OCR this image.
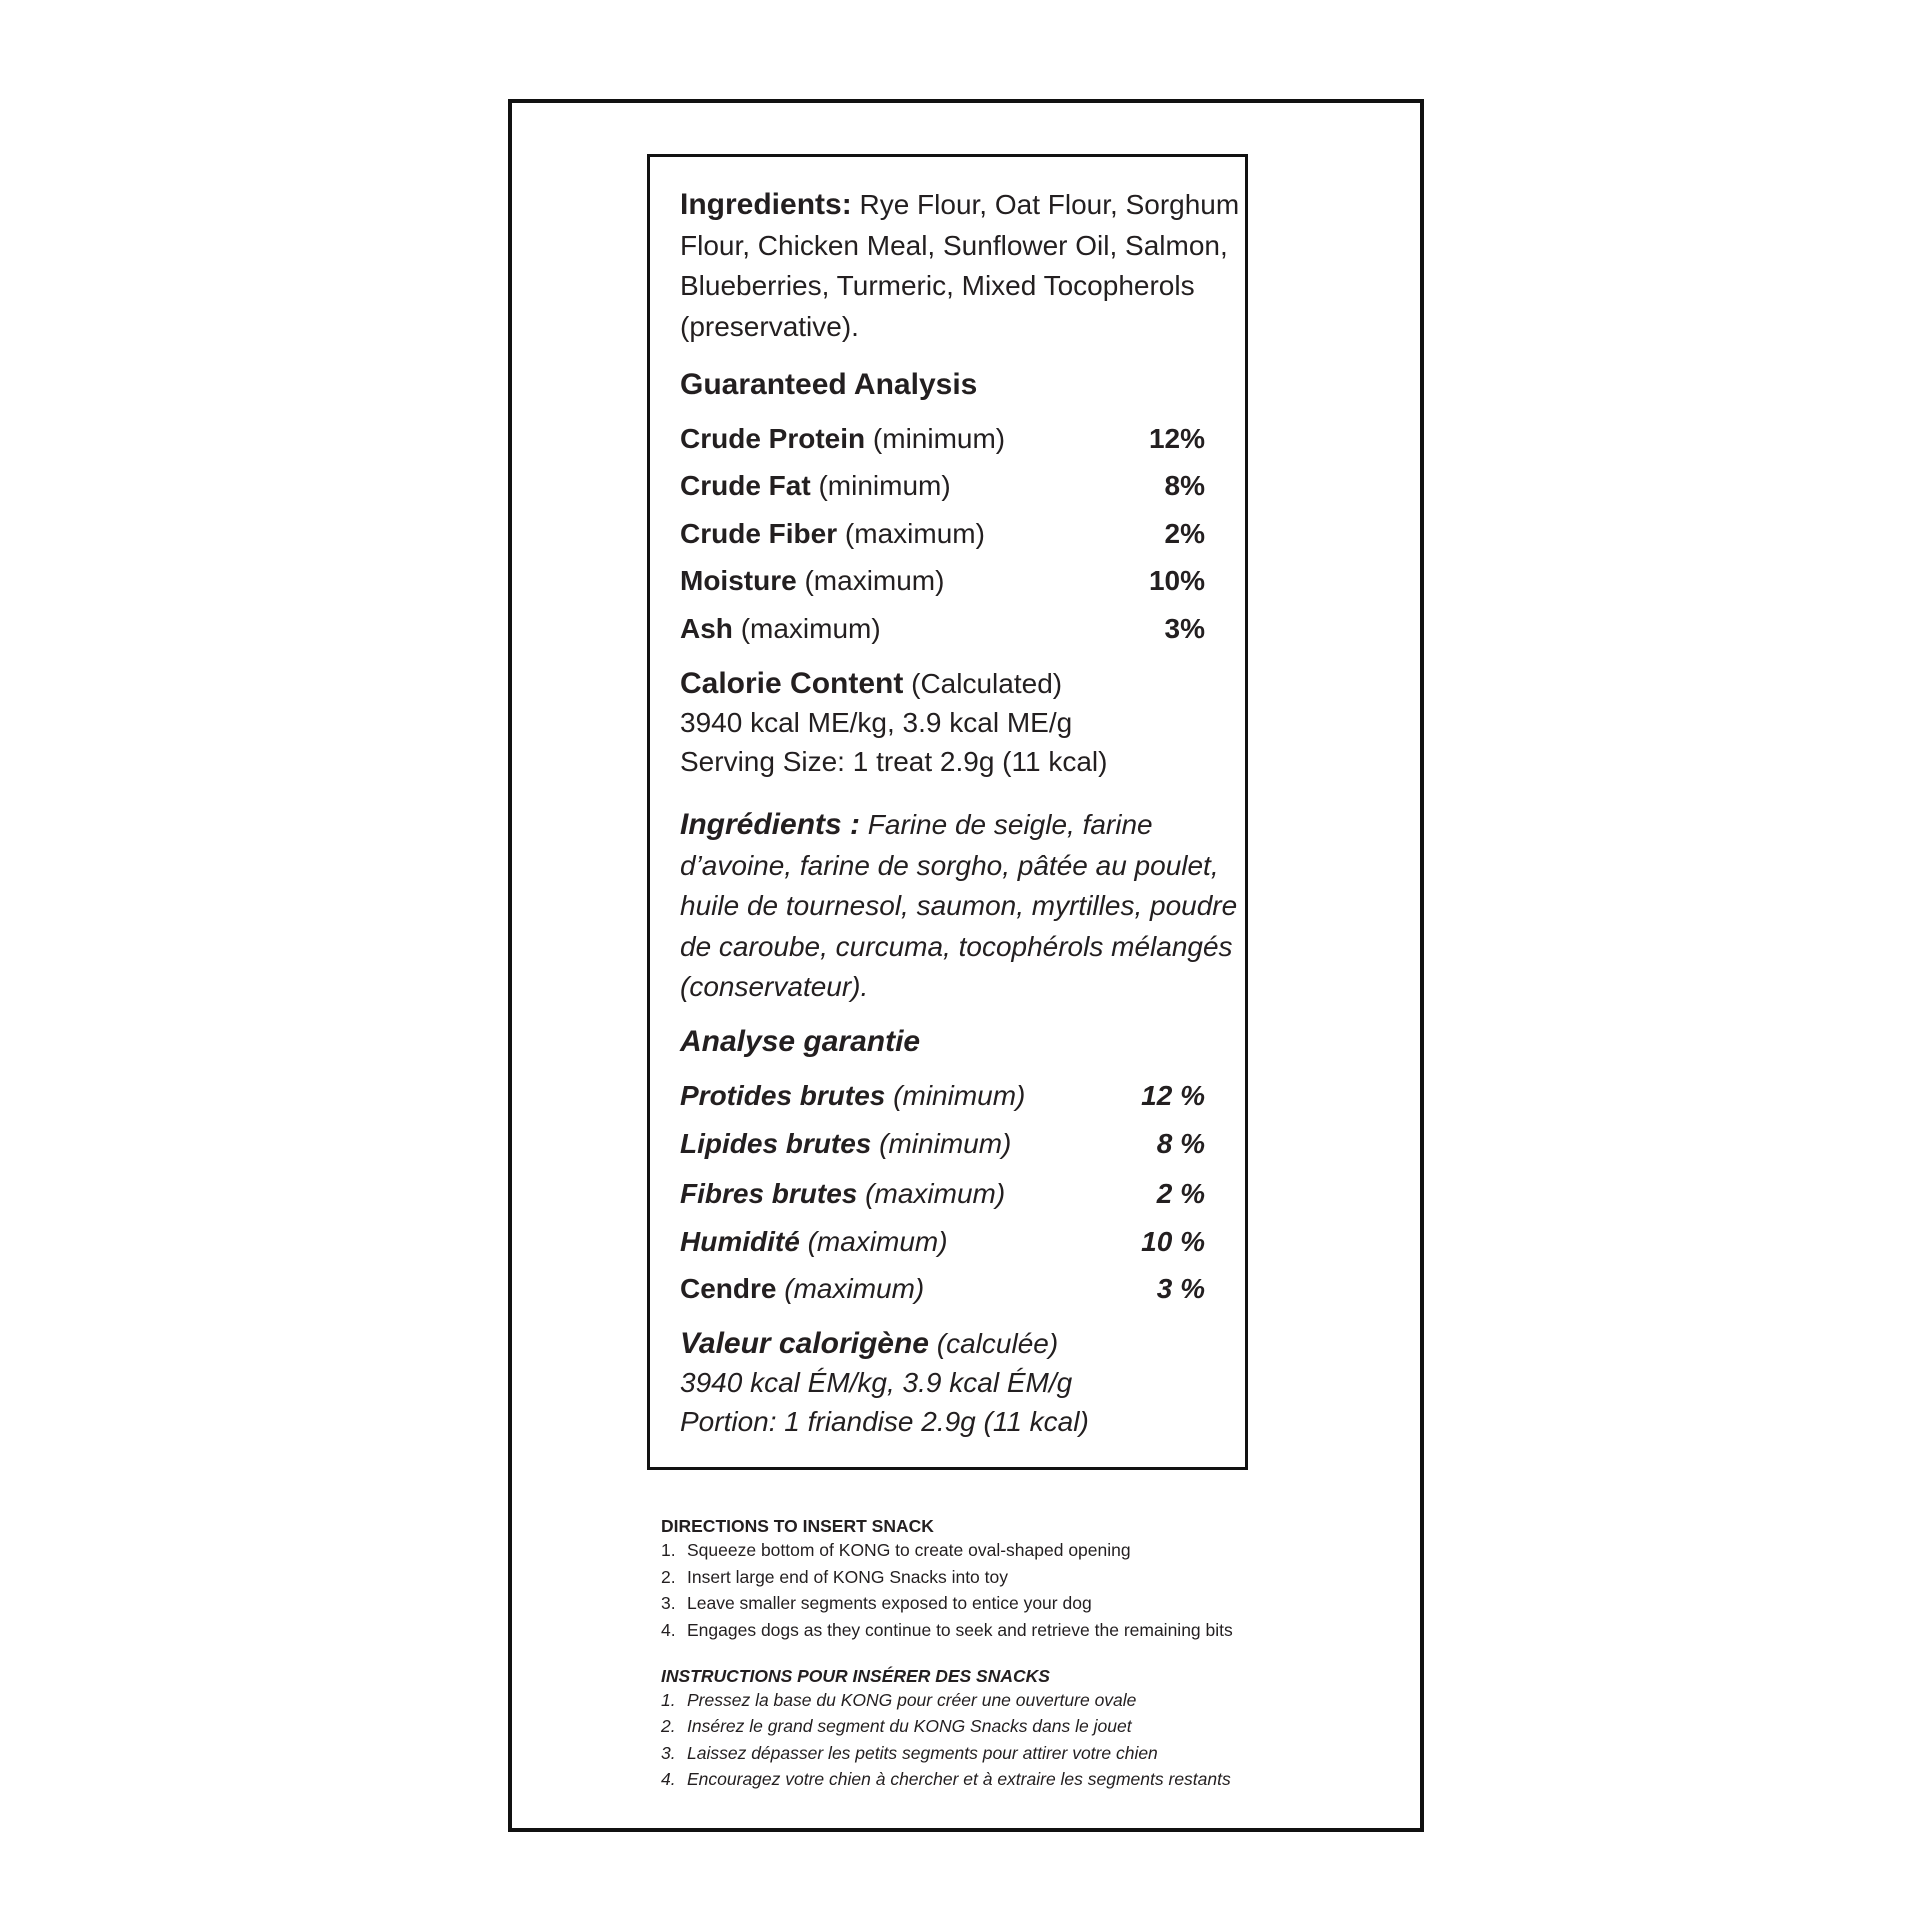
Ingredients: Rye Flour, Oat Flour, Sorghum
Flour, Chicken Meal, Sunflower Oil, Salmon,
Blueberries, Turmeric, Mixed Tocopherols
(preservative).
Guaranteed Analysis
Crude Protein (minimum)	12%
Crude Fat (minimum)	8%
Crude Fiber (maximum)	2%
Moisture (maximum)	10%
Ash (maximum)	3%
Calorie Content (Calculated)
3940 kcal ME/kg, 3.9 kcal ME/g
Serving Size: 1 treat 2.9g (11 kcal)
Ingrédients : Farine de seigle, farine
d’avoine, farine de sorgho, pâtée au poulet,
huile de tournesol, saumon, myrtilles, poudre
de caroube, curcuma, tocophérols mélangés
(conservateur).
Analyse garantie
Protides brutes (minimum)	12 %
Lipides brutes (minimum)	8 %
Fibres brutes (maximum)	2 %
Humidité (maximum)	10 %
Cendre (maximum)	3 %
Valeur calorigène (calculée)
3940 kcal ÉM/kg, 3.9 kcal ÉM/g
Portion: 1 friandise 2.9g (11 kcal)
DIRECTIONS TO INSERT SNACK
1. Squeeze bottom of KONG to create oval-shaped opening
2. Insert large end of KONG Snacks into toy
3. Leave smaller segments exposed to entice your dog
4. Engages dogs as they continue to seek and retrieve the remaining bits
INSTRUCTIONS POUR INSÉRER DES SNACKS
1. Pressez la base du KONG pour créer une ouverture ovale
2. Insérez le grand segment du KONG Snacks dans le jouet
3. Laissez dépasser les petits segments pour attirer votre chien
4. Encouragez votre chien à chercher et à extraire les segments restants
